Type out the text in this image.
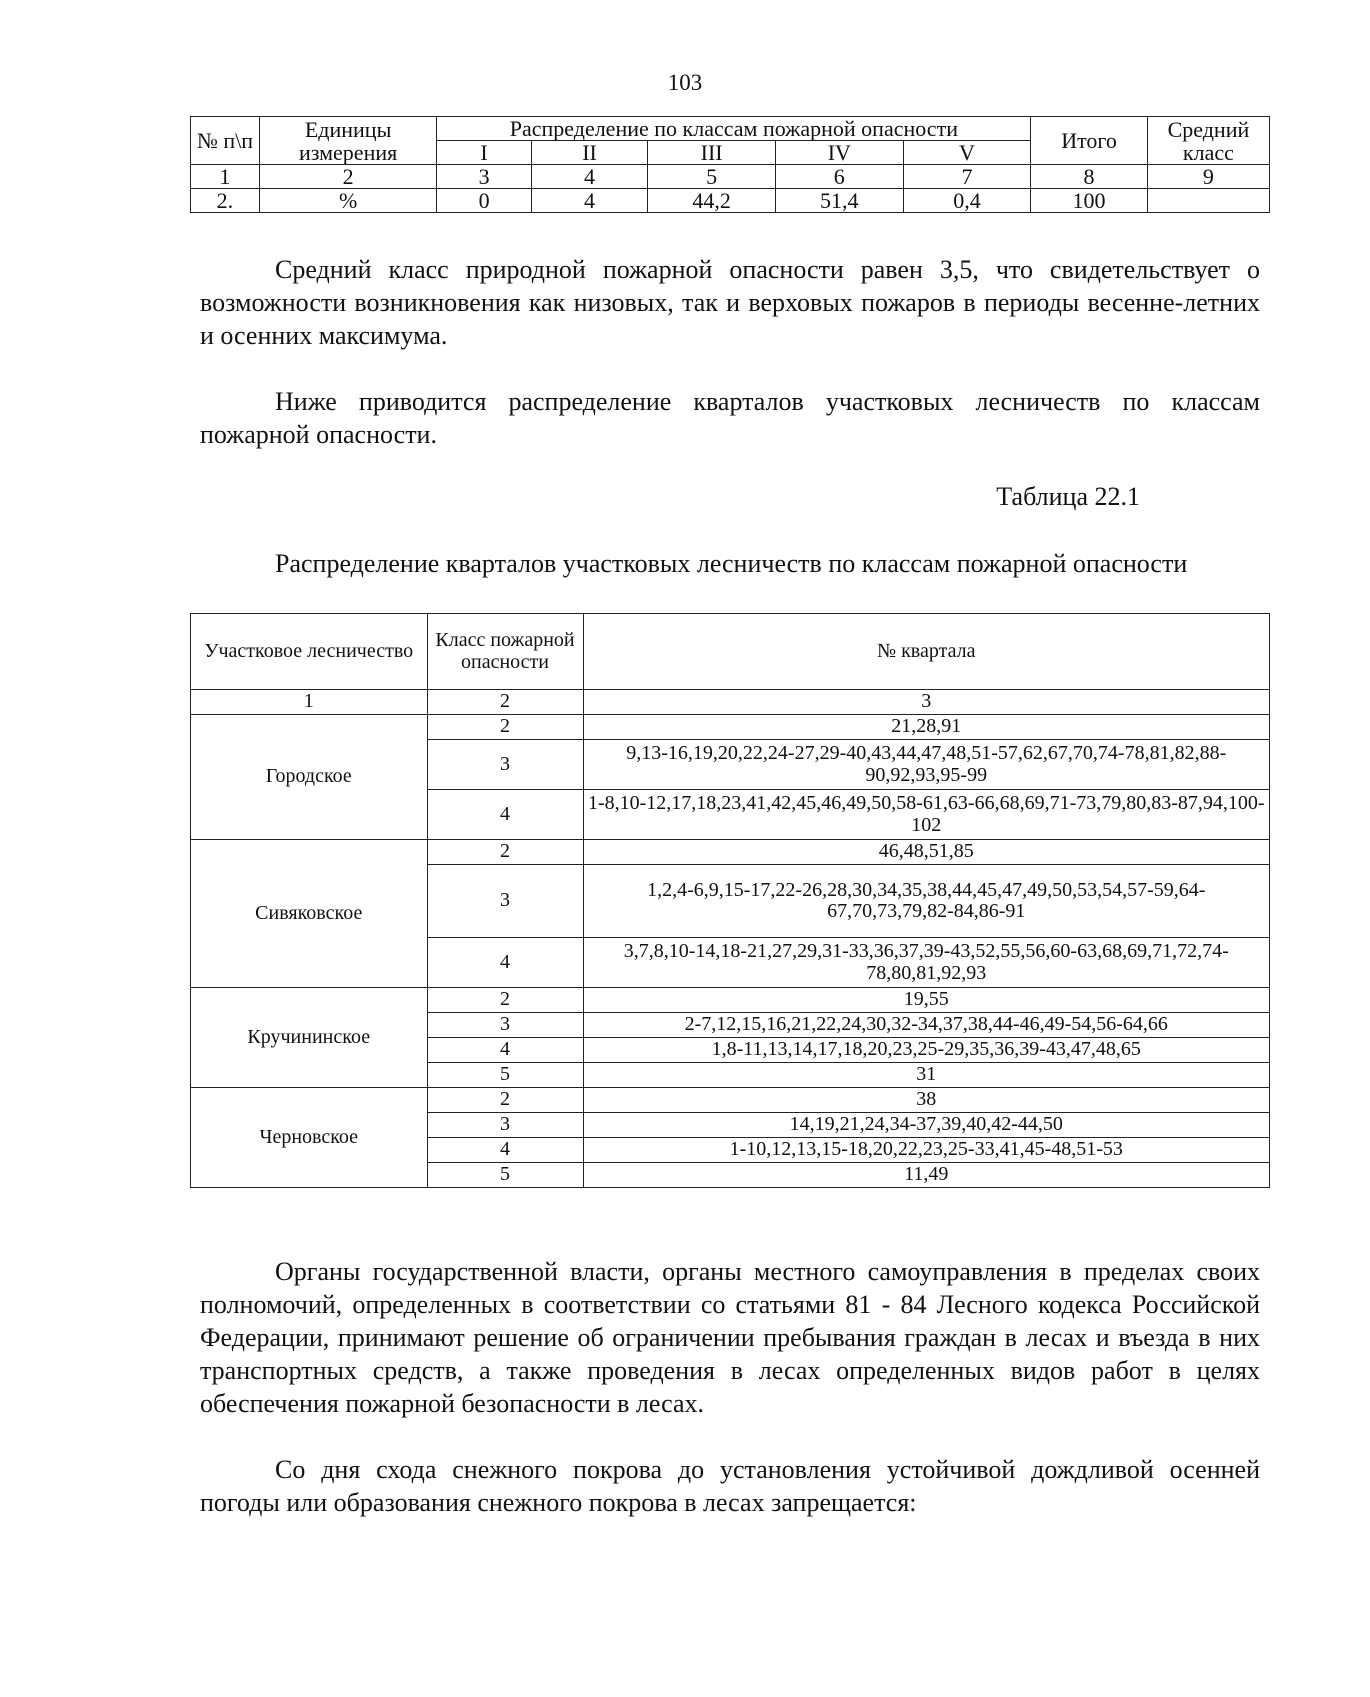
103
№ п\п	Единицы измерения	Распределение по классам пожарной опасности					Итого	Средний класс
		I	II	III	IV	V		
1	2	3	4	5	6	7	8	9
2.	%	0	4	44,2	51,4	0,4	100	

Средний класс природной пожарной опасности равен 3,5, что свидетельствует о возможности возникновения как низовых, так и верховых пожаров в периоды весенне-летних и осенних максимума.

Ниже приводится распределение кварталов участковых лесничеств по классам пожарной опасности.

Таблица 22.1
Распределение кварталов участковых лесничеств по классам пожарной опасности
Участковое лесничество	Класс пожарной опасности	№ квартала
1	2	3
Городское	2	21,28,91
	3	9,13-16,19,20,22,24-27,29-40,43,44,47,48,51-57,62,67,70,74-78,81,82,88-90,92,93,95-99
	4	1-8,10-12,17,18,23,41,42,45,46,49,50,58-61,63-66,68,69,71-73,79,80,83-87,94,100-102
Сивяковское	2	46,48,51,85
	3	1,2,4-6,9,15-17,22-26,28,30,34,35,38,44,45,47,49,50,53,54,57-59,64-67,70,73,79,82-84,86-91
	4	3,7,8,10-14,18-21,27,29,31-33,36,37,39-43,52,55,56,60-63,68,69,71,72,74-78,80,81,92,93
Кручининское	2	19,55
	3	2-7,12,15,16,21,22,24,30,32-34,37,38,44-46,49-54,56-64,66
	4	1,8-11,13,14,17,18,20,23,25-29,35,36,39-43,47,48,65
	5	31
Черновское	2	38
	3	14,19,21,24,34-37,39,40,42-44,50
	4	1-10,12,13,15-18,20,22,23,25-33,41,45-48,51-53
	5	11,49

Органы государственной власти, органы местного самоуправления в пределах своих полномочий, определенных в соответствии со статьями 81 - 84 Лесного кодекса Российской Федерации, принимают решение об ограничении пребывания граждан в лесах и въезда в них транспортных средств, а также проведения в лесах определенных видов работ в целях обеспечения пожарной безопасности в лесах.

Со дня схода снежного покрова до установления устойчивой дождливой осенней погоды или образования снежного покрова в лесах запрещается:
